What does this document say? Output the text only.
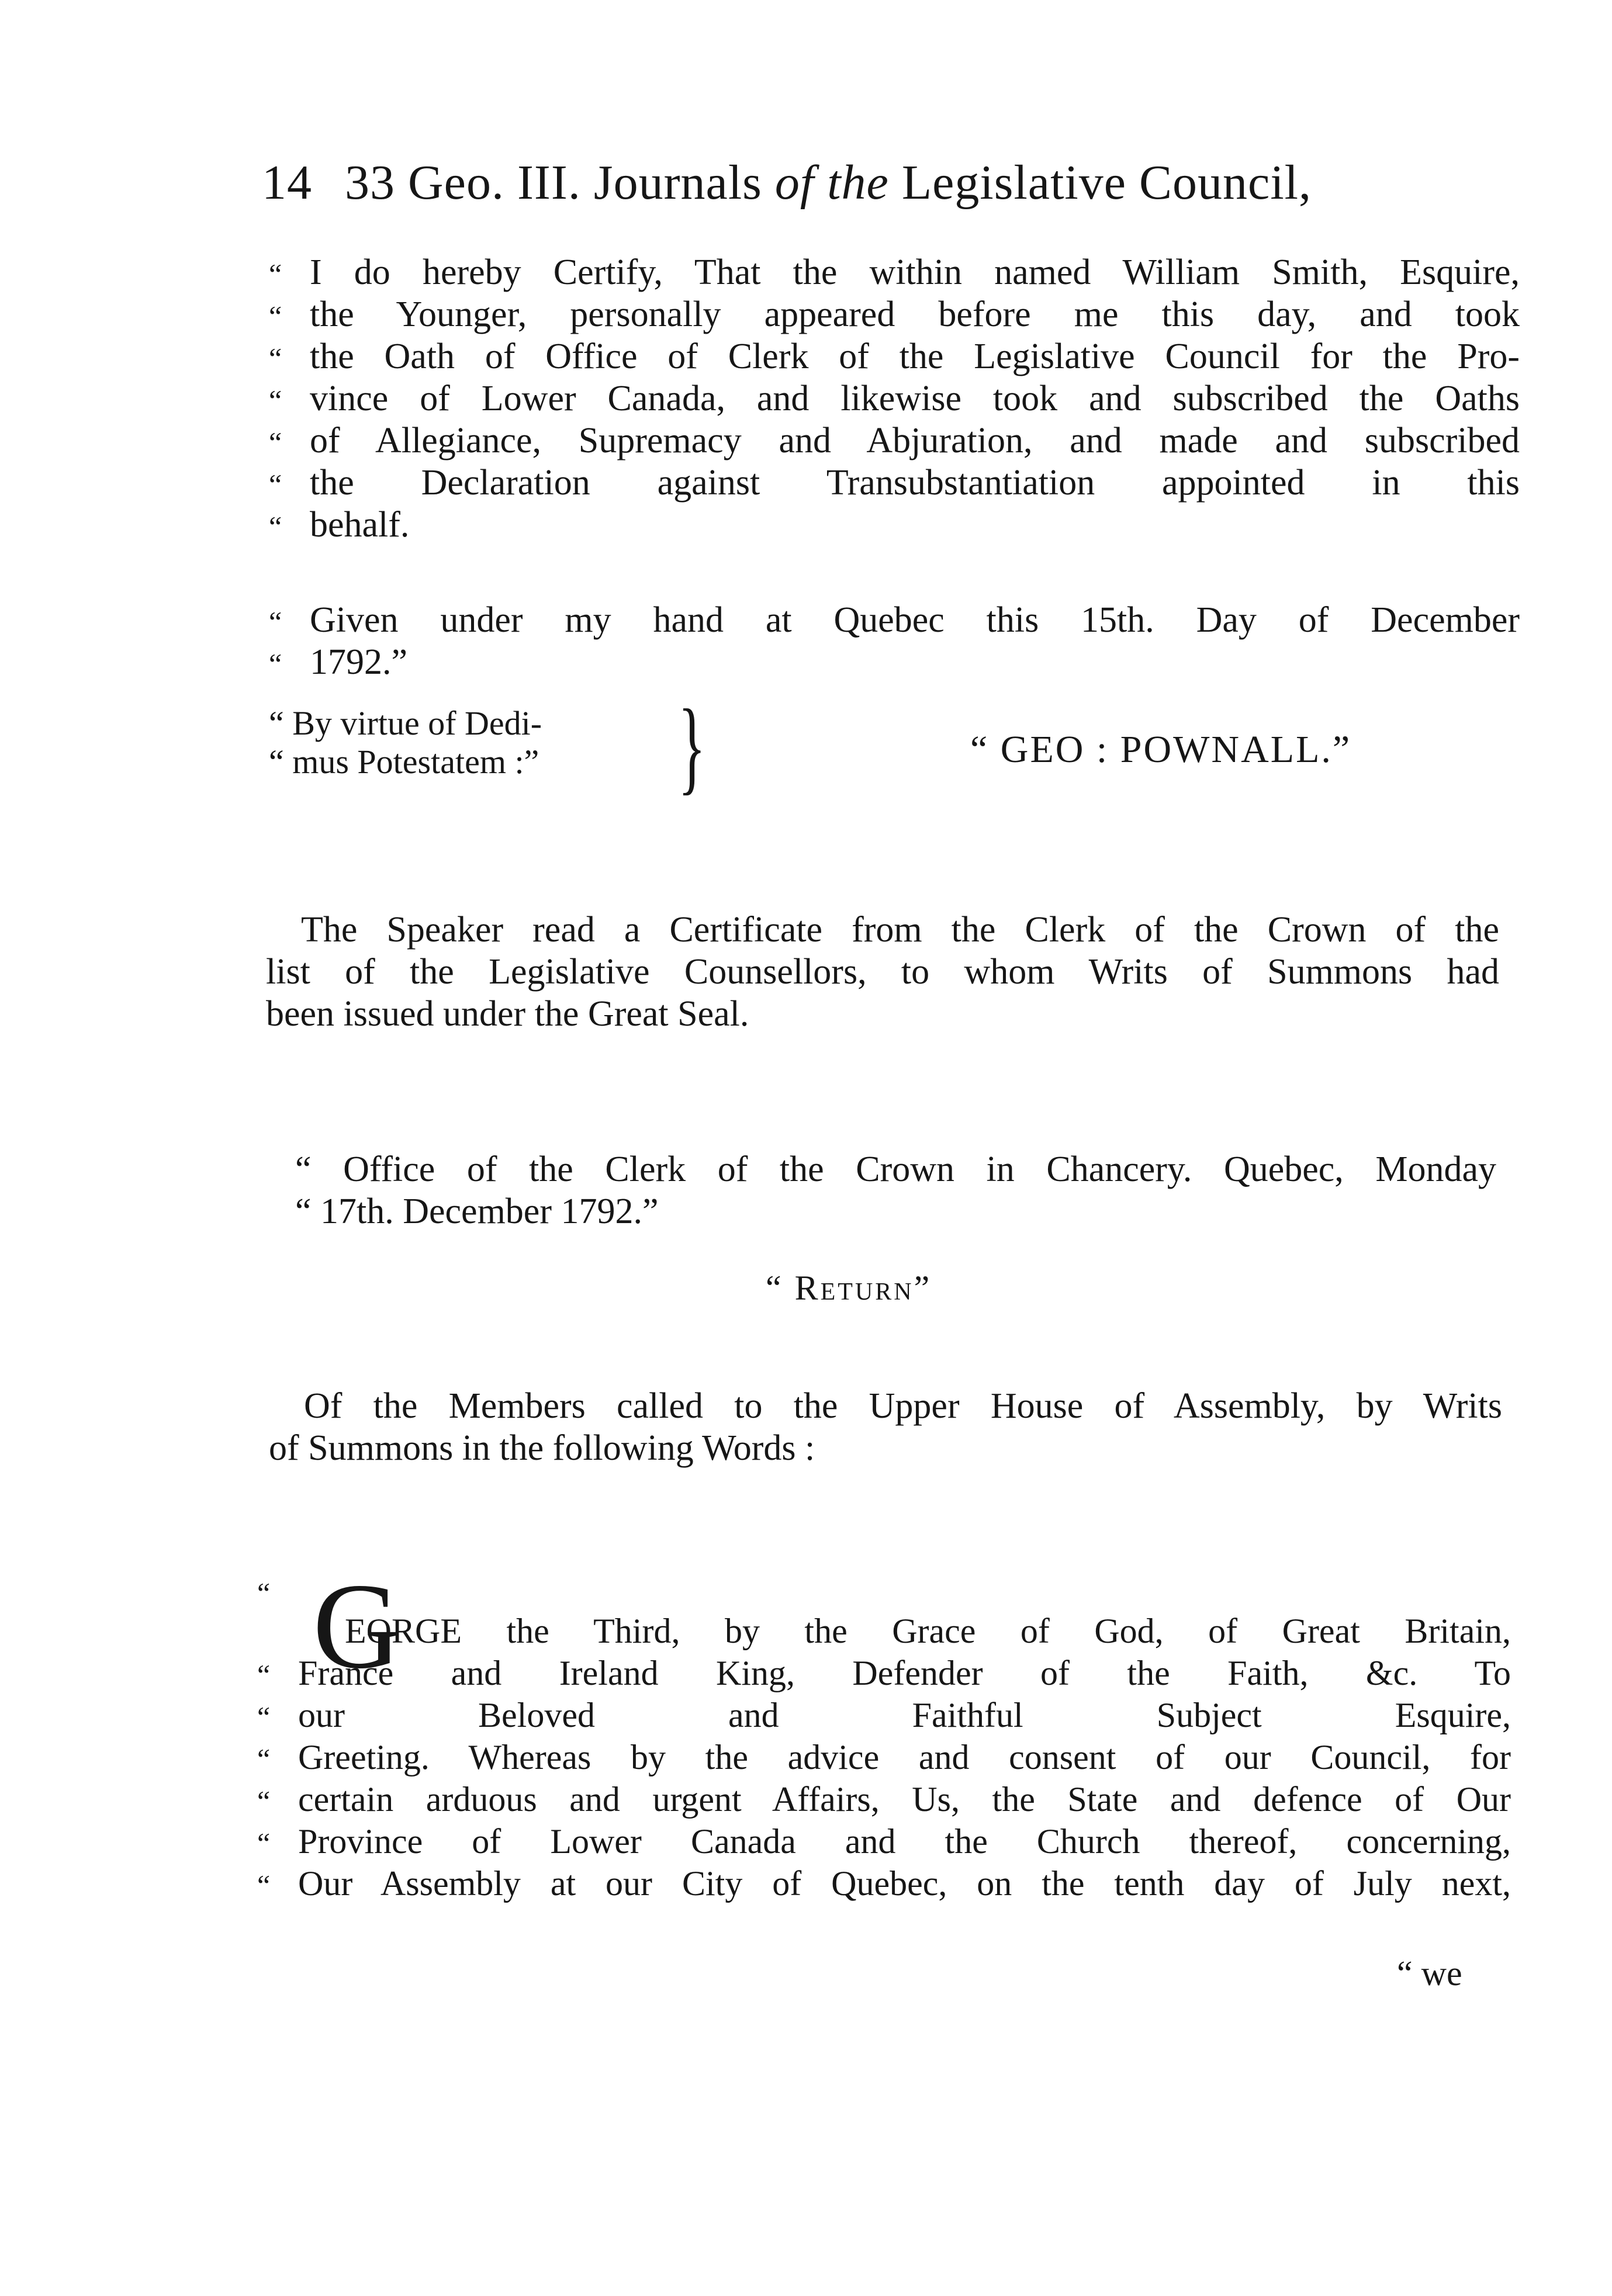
14 33 Geo. III. Journals of the Legislative Council,
“ I do hereby Certify, That the within named William Smith, Esquire,
“ the Younger, personally appeared before me this day, and took
“ the Oath of Office of Clerk of the Legislative Council for the Pro-
“ vince of Lower Canada, and likewise took and subscribed the Oaths
“ of Allegiance, Supremacy and Abjuration, and made and subscribed
“ the Declaration against Transubstantiation appointed in this
“ behalf.
“ Given under my hand at Quebec this 15th. Day of December
“ 1792.”
“ By virtue of Dedi-
“ mus Potestatem :” }	“ GEO : POWNALL.”
The Speaker read a Certificate from the Clerk of the Crown of the
list of the Legislative Counsellors, to whom Writs of Summons had
been issued under the Great Seal.
“ Office of the Clerk of the Crown in Chancery. Quebec, Monday
“ 17th. December 1792.”
“ Return”
Of the Members called to the Upper House of Assembly, by Writs
of Summons in the following Words :
“ G
EORGE the Third, by the Grace of God, of Great Britain,
“ France and Ireland King, Defender of the Faith, &c. To
“ our Beloved and Faithful Subject Esquire,
“ Greeting. Whereas by the advice and consent of our Council, for
“ certain arduous and urgent Affairs, Us, the State and defence of Our
“ Province of Lower Canada and the Church thereof, concerning,
“ Our Assembly at our City of Quebec, on the tenth day of July next,
“ we
